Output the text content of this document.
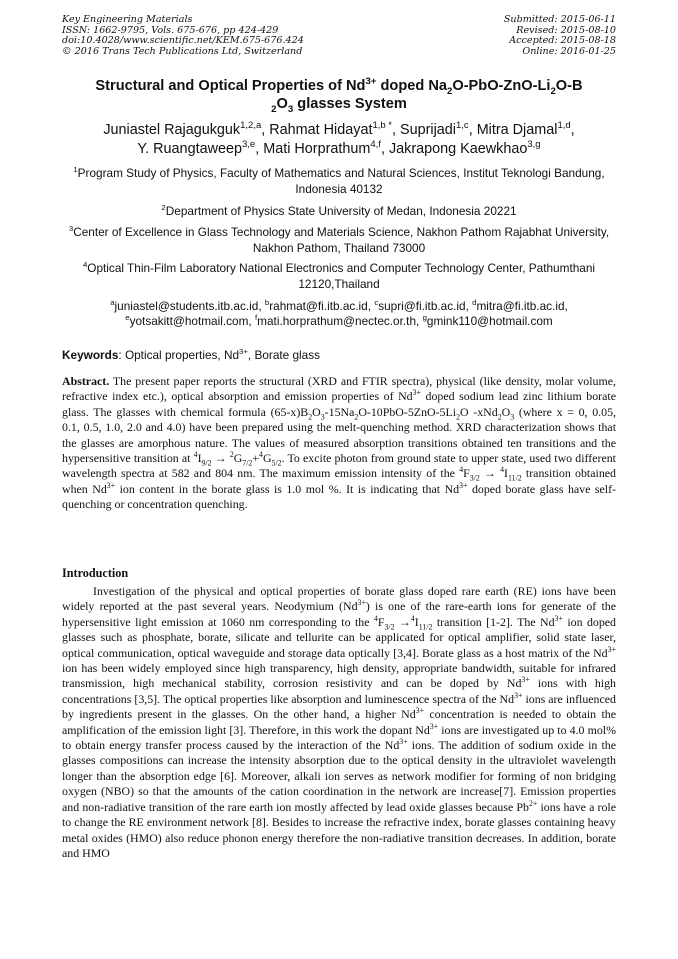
Key Engineering Materials
ISSN: 1662-9795, Vols. 675-676, pp 424-429
doi:10.4028/www.scientific.net/KEM.675-676.424
© 2016 Trans Tech Publications Ltd, Switzerland
Submitted: 2015-06-11
Revised: 2015-08-10
Accepted: 2015-08-18
Online: 2016-01-25
Structural and Optical Properties of $Nd^{3+}$ doped $Na_2O-PbO-ZnO-Li_2O-B$
$_2O_3$ glasses System
Juniastel Rajagukguk$^{1,2,a}$, Rahmat Hidayat$^{1,b *}$, Suprijadi$^{1,c}$, Mitra Djamal$^{1,d}$,
Y. Ruangtaweep$^{3,e}$, Mati Horprathum$^{4,f}$, Jakrapong Kaewkhao$^{3,g}$
$^1$Program Study of Physics, Faculty of Mathematics and Natural Sciences, Institut Teknologi Bandung, Indonesia 40132
$^2$Department of Physics State University of Medan, Indonesia 20221
$^3$Center of Excellence in Glass Technology and Materials Science, Nakhon Pathom Rajabhat University, Nakhon Pathom, Thailand 73000
$^4$Optical Thin-Film Laboratory National Electronics and Computer Technology Center, Pathumthani 12120,Thailand
$^a$juniastel@students.itb.ac.id, $^b$rahmat@fi.itb.ac.id, $^c$supri@fi.itb.ac.id, $^d$mitra@fi.itb.ac.id,
$^e$yotsakitt@hotmail.com, $^f$mati.horprathum@nectec.or.th, $^g$gmink110@hotmail.com
Keywords: Optical properties, $Nd^{3+}$, Borate glass
Abstract. The present paper reports the structural (XRD and FTIR spectra), physical (like density, molar volume, refractive index etc.), optical absorption and emission properties of $Nd^{3+}$ doped sodium lead zinc lithium borate glass. The glasses with chemical formula $(65-x)B_2O_3-15Na_2O-10PbO-5ZnO-5Li_2O$ $-xNd_2O_3$ (where x = 0, 0.05, 0.1, 0.5, 1.0, 2.0 and 4.0) have been prepared using the melt-quenching method. XRD characterization shows that the glasses are amorphous nature. The values of measured absorption transitions obtained ten transitions and the hypersensitive transition at $^4I_{9/2} \to ^2G_{7/2}+^4G_{5/2}$. To excite photon from ground state to upper state, used two different wavelength spectra at 582 and 804 nm. The maximum emission intensity of the $^4F_{3/2} \to ^4I_{11/2}$ transition obtained when $Nd^{3+}$ ion content in the borate glass is 1.0 mol %. It is indicating that $Nd^{3+}$ doped borate glass have self-quenching or concentration quenching.
Introduction
Investigation of the physical and optical properties of borate glass doped rare earth (RE) ions have been widely reported at the past several years. Neodymium $(Nd^{3+})$ is one of the rare-earth ions for generate of the hypersensitive light emission at 1060 nm corresponding to the $^4F_{3/2} \to^4I_{11/2}$ transition [1-2]. The $Nd^{3+}$ ion doped glasses such as phosphate, borate, silicate and tellurite can be applicated for optical amplifier, solid state laser, optical communication, optical waveguide and storage data optically [3,4]. Borate glass as a host matrix of the $Nd^{3+}$ ion has been widely employed since high transparency, high density, appropriate bandwidth, suitable for infrared transmission, high mechanical stability, corrosion resistivity and can be doped by $Nd^{3+}$ ions with high concentrations [3,5]. The optical properties like absorption and luminescence spectra of the $Nd^{3+}$ ions are influenced by ingredients present in the glasses. On the other hand, a higher $Nd^{3+}$ concentration is needed to obtain the amplification of the emission light [3]. Therefore, in this work the dopant $Nd^{3+}$ ions are investigated up to 4.0 mol% to obtain energy transfer process caused by the interaction of the $Nd^{3+}$ ions. The addition of sodium oxide in the glasses compositions can increase the intensity absorption due to the optical density in the ultraviolet wavelength longer than the absorption edge [6]. Moreover, alkali ion serves as network modifier for forming of non bridging oxygen (NBO) so that the amounts of the cation coordination in the network are increase[7]. Emission properties and non-radiative transition of the rare earth ion mostly affected by lead oxide glasses because $Pb^{2+}$ ions have a role to change the RE environment network [8]. Besides to increase the refractive index, borate glasses containing heavy metal oxides (HMO) also reduce phonon energy therefore the non-radiative transition decreases. In addition, borate and HMO
